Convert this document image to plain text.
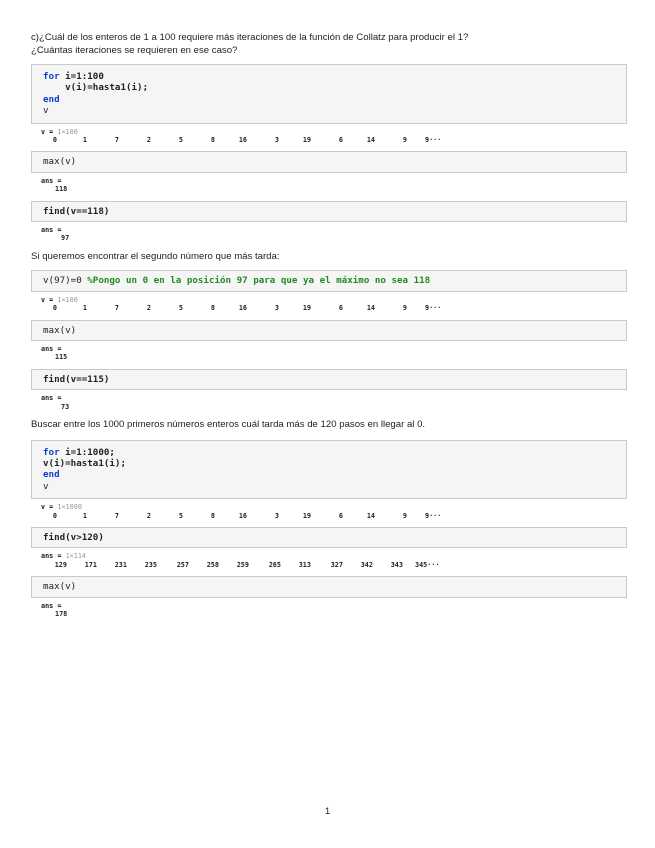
c)¿Cuál de los enteros de 1 a 100 requiere más iteraciones de la función de Collatz para producir el 1?

¿Cuántas iteraciones se requieren en ese caso?

for i=1:100
v(i)=hasta1(i);
end
v
v = 1×100

0	1	7	2	5	8	16	3	19	6	14	9	9···
max(v)
ans =
118
find(v==118)
ans =
97

Si queremos encontrar el segundo número que más tarda:

v(97)=0 %Pongo un 0 en la posición 97 para que ya el máximo no sea 118
v = 1×100

0	1	7	2	5	8	16	3	19	6	14	9	9···
max(v)
ans =
115
find(v==115)
ans =
73

Buscar entre los 1000 primeros números enteros cuál tarda más de 120 pasos en llegar al 0.

for i=1:1000;
v(i)=hasta1(i);
end
v
v = 1×1000

0	1	7	2	5	8	16	3	19	6	14	9	9···
find(v>120)
ans = 1×114

129	171	231	235	257	258	259	265	313	327	342	343	345···
max(v)
ans =
178
1
